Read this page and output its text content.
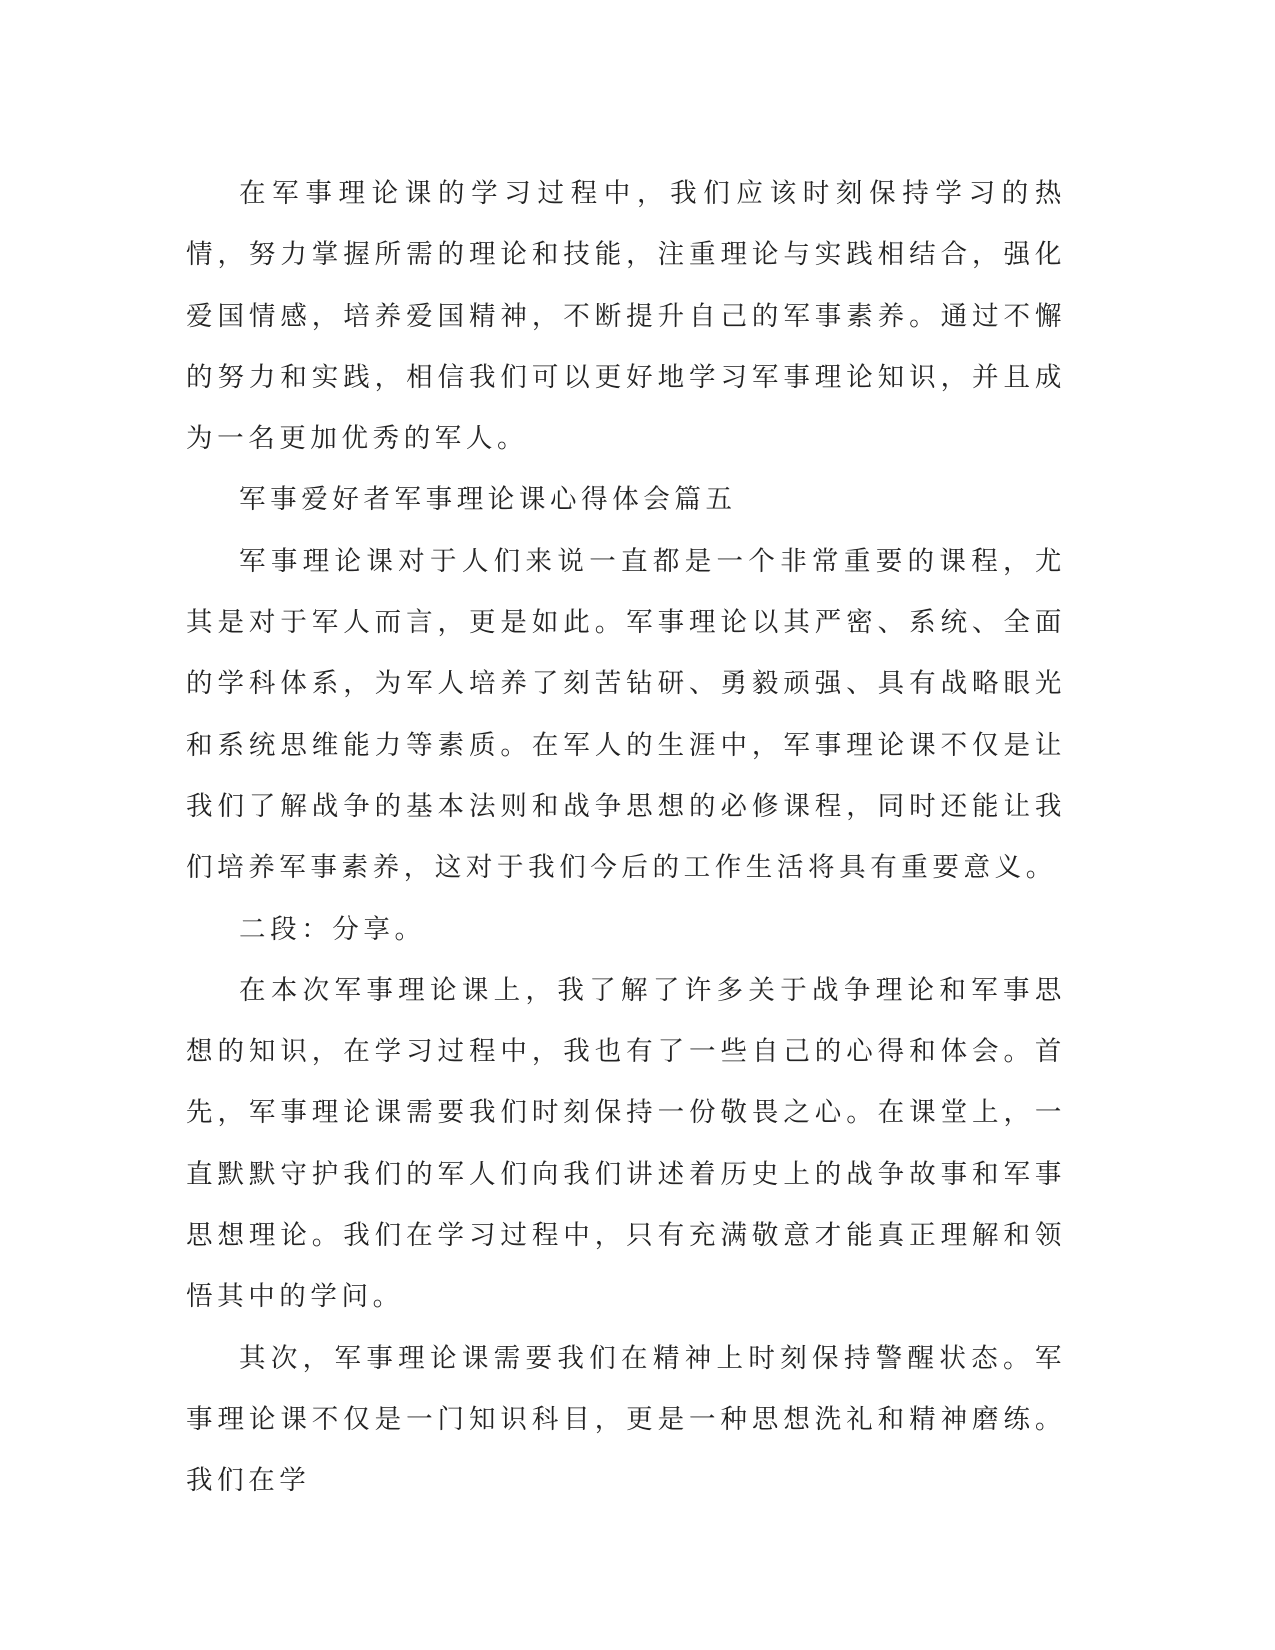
在军事理论课的学习过程中，我们应该时刻保持学习的热情，努力掌握所需的理论和技能，注重理论与实践相结合，强化爱国情感，培养爱国精神，不断提升自己的军事素养。通过不懈的努力和实践，相信我们可以更好地学习军事理论知识，并且成为一名更加优秀的军人。

军事爱好者军事理论课心得体会篇五

军事理论课对于人们来说一直都是一个非常重要的课程，尤其是对于军人而言，更是如此。军事理论以其严密、系统、全面的学科体系，为军人培养了刻苦钻研、勇毅顽强、具有战略眼光和系统思维能力等素质。在军人的生涯中，军事理论课不仅是让我们了解战争的基本法则和战争思想的必修课程，同时还能让我们培养军事素养，这对于我们今后的工作生活将具有重要意义。

二段：分享。

在本次军事理论课上，我了解了许多关于战争理论和军事思想的知识，在学习过程中，我也有了一些自己的心得和体会。首先，军事理论课需要我们时刻保持一份敬畏之心。在课堂上，一直默默守护我们的军人们向我们讲述着历史上的战争故事和军事思想理论。我们在学习过程中，只有充满敬意才能真正理解和领悟其中的学问。

其次，军事理论课需要我们在精神上时刻保持警醒状态。军事理论课不仅是一门知识科目，更是一种思想洗礼和精神磨练。我们在学
